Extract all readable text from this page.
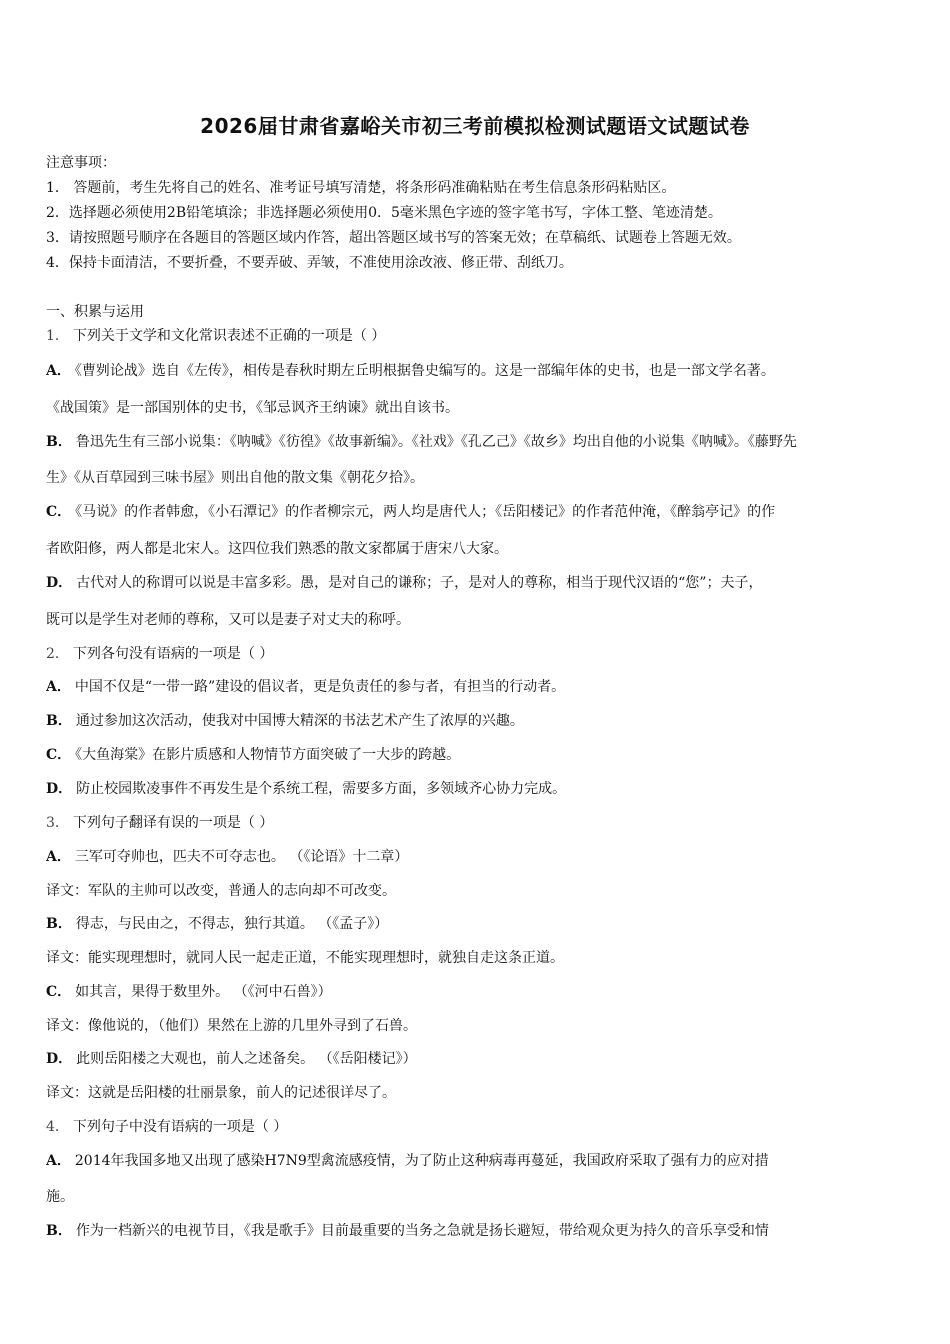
2026届甘肃省嘉峪关市初三考前模拟检测试题语文试题试卷
注意事项：
1． 答题前，考生先将自己的姓名、准考证号填写清楚，将条形码准确粘贴在考生信息条形码粘贴区。
2．选择题必须使用2B铅笔填涂；非选择题必须使用0．5毫米黑色字迹的签字笔书写，字体工整、笔迹清楚。
3．请按照题号顺序在各题目的答题区域内作答，超出答题区域书写的答案无效；在草稿纸、试题卷上答题无效。
4．保持卡面清洁，不要折叠，不要弄破、弄皱，不准使用涂改液、修正带、刮纸刀。
一、积累与运用
1． 下列关于文学和文化常识表述不正确的一项是（ ）
A． 《曹刿论战》选自《左传》，相传是春秋时期左丘明根据鲁史编写的。这是一部编年体的史书，也是一部文学名著。
《战国策》是一部国别体的史书，《邹忌讽齐王纳谏》就出自该书。
B． 鲁迅先生有三部小说集：《呐喊》《彷徨》《故事新编》。《社戏》《孔乙己》《故乡》均出自他的小说集《呐喊》。《藤野先
生》《从百草园到三味书屋》则出自他的散文集《朝花夕拾》。
C． 《马说》的作者韩愈，《小石潭记》的作者柳宗元，两人均是唐代人；《岳阳楼记》的作者范仲淹，《醉翁亭记》的作
者欧阳修，两人都是北宋人。这四位我们熟悉的散文家都属于唐宋八大家。
D． 古代对人的称谓可以说是丰富多彩。愚，是对自己的谦称；子，是对人的尊称，相当于现代汉语的“您”；夫子，
既可以是学生对老师的尊称，又可以是妻子对丈夫的称呼。
2． 下列各句没有语病的一项是（ ）
A． 中国不仅是“一带一路”建设的倡议者，更是负责任的参与者，有担当的行动者。
B． 通过参加这次活动，使我对中国博大精深的书法艺术产生了浓厚的兴趣。
C． 《大鱼海棠》在影片质感和人物情节方面突破了一大步的跨越。
D． 防止校园欺凌事件不再发生是个系统工程，需要多方面，多领域齐心协力完成。
3． 下列句子翻译有误的一项是（ ）
A． 三军可夺帅也，匹夫不可夺志也。 （《论语》十二章）
译文：军队的主帅可以改变，普通人的志向却不可改变。
B． 得志，与民由之，不得志，独行其道。 （《孟子》）
译文：能实现理想时，就同人民一起走正道，不能实现理想时，就独自走这条正道。
C． 如其言，果得于数里外。 （《河中石兽》）
译文：像他说的，（他们）果然在上游的几里外寻到了石兽。
D． 此则岳阳楼之大观也，前人之述备矣。 （《岳阳楼记》）
译文：这就是岳阳楼的壮丽景象，前人的记述很详尽了。
4． 下列句子中没有语病的一项是（ ）
A． 2014年我国多地又出现了感染H7N9型禽流感疫情，为了防止这种病毒再蔓延，我国政府采取了强有力的应对措
施。
B． 作为一档新兴的电视节目，《我是歌手》目前最重要的当务之急就是扬长避短，带给观众更为持久的音乐享受和情
